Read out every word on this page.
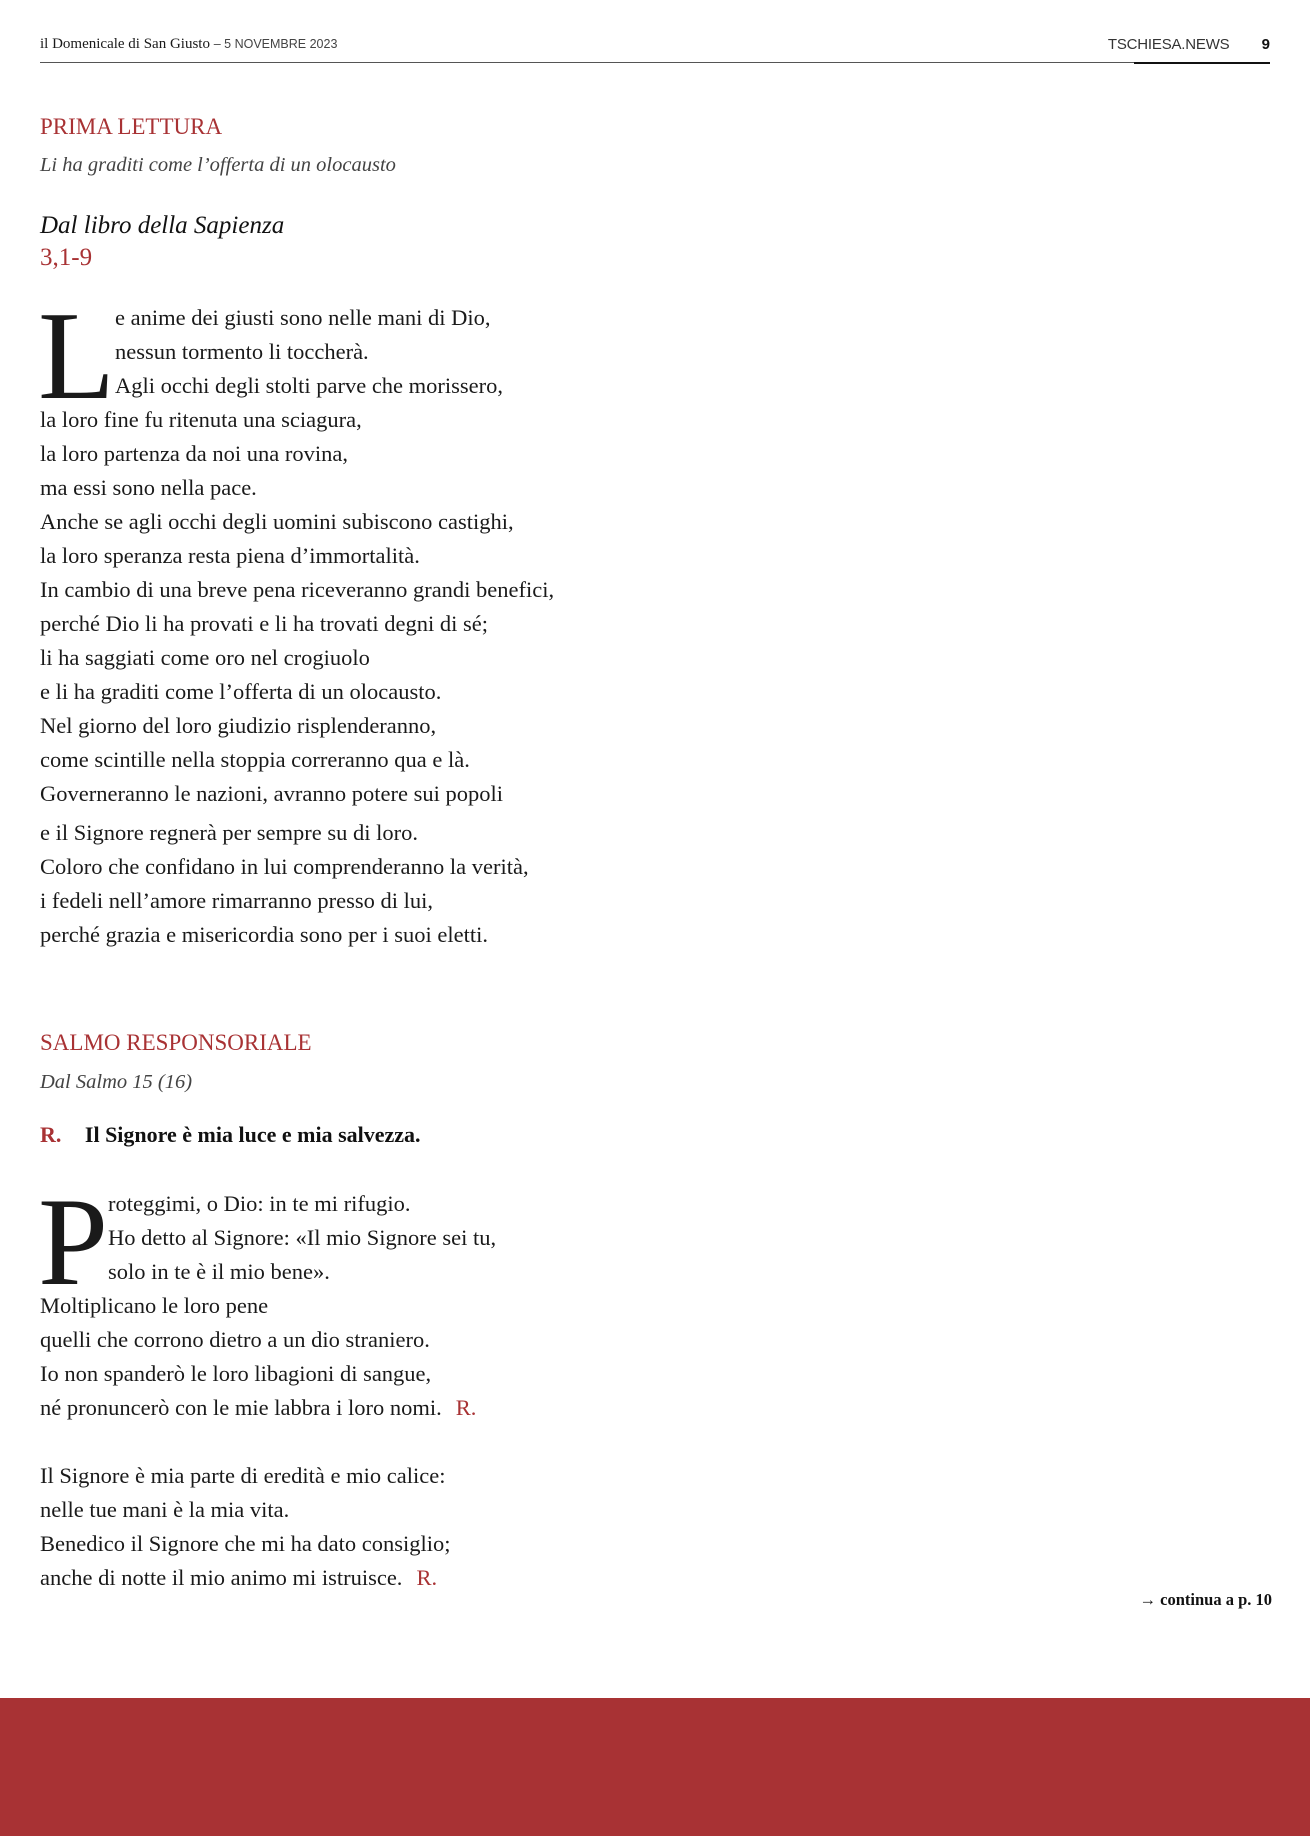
il Domenicale di San Giusto – 5 NOVEMBRE 2023	TSCHIESA.NEWS 9
PRIMA LETTURA
Li ha graditi come l’offerta di un olocausto
Dal libro della Sapienza
3,1-9
L e anime dei giusti sono nelle mani di Dio,
nessun tormento li toccherà.
Agli occhi degli stolti parve che morissero,
la loro fine fu ritenuta una sciagura,
la loro partenza da noi una rovina,
ma essi sono nella pace.
Anche se agli occhi degli uomini subiscono castighi,
la loro speranza resta piena d’immortalità.
In cambio di una breve pena riceveranno grandi benefici,
perché Dio li ha provati e li ha trovati degni di sé;
li ha saggiati come oro nel crogiuolo
e li ha graditi come l’offerta di un olocausto.
Nel giorno del loro giudizio risplenderanno,
come scintille nella stoppia correranno qua e là.
Governeranno le nazioni, avranno potere sui popoli
e il Signore regnerà per sempre su di loro.
Coloro che confidano in lui comprenderanno la verità,
i fedeli nell’amore rimarranno presso di lui,
perché grazia e misericordia sono per i suoi eletti.
SALMO RESPONSORIALE
Dal Salmo 15 (16)
R. Il Signore è mia luce e mia salvezza.
P roteggimi, o Dio: in te mi rifugio.
Ho detto al Signore: «Il mio Signore sei tu,
solo in te è il mio bene».
Moltiplicano le loro pene
quelli che corrono dietro a un dio straniero.
Io non spanderò le loro libagioni di sangue,
né pronuncerò con le mie labbra i loro nomi. R.
Il Signore è mia parte di eredità e mio calice:
nelle tue mani è la mia vita.
Benedico il Signore che mi ha dato consiglio;
anche di notte il mio animo mi istruisce. R.
→ continua a p. 10
